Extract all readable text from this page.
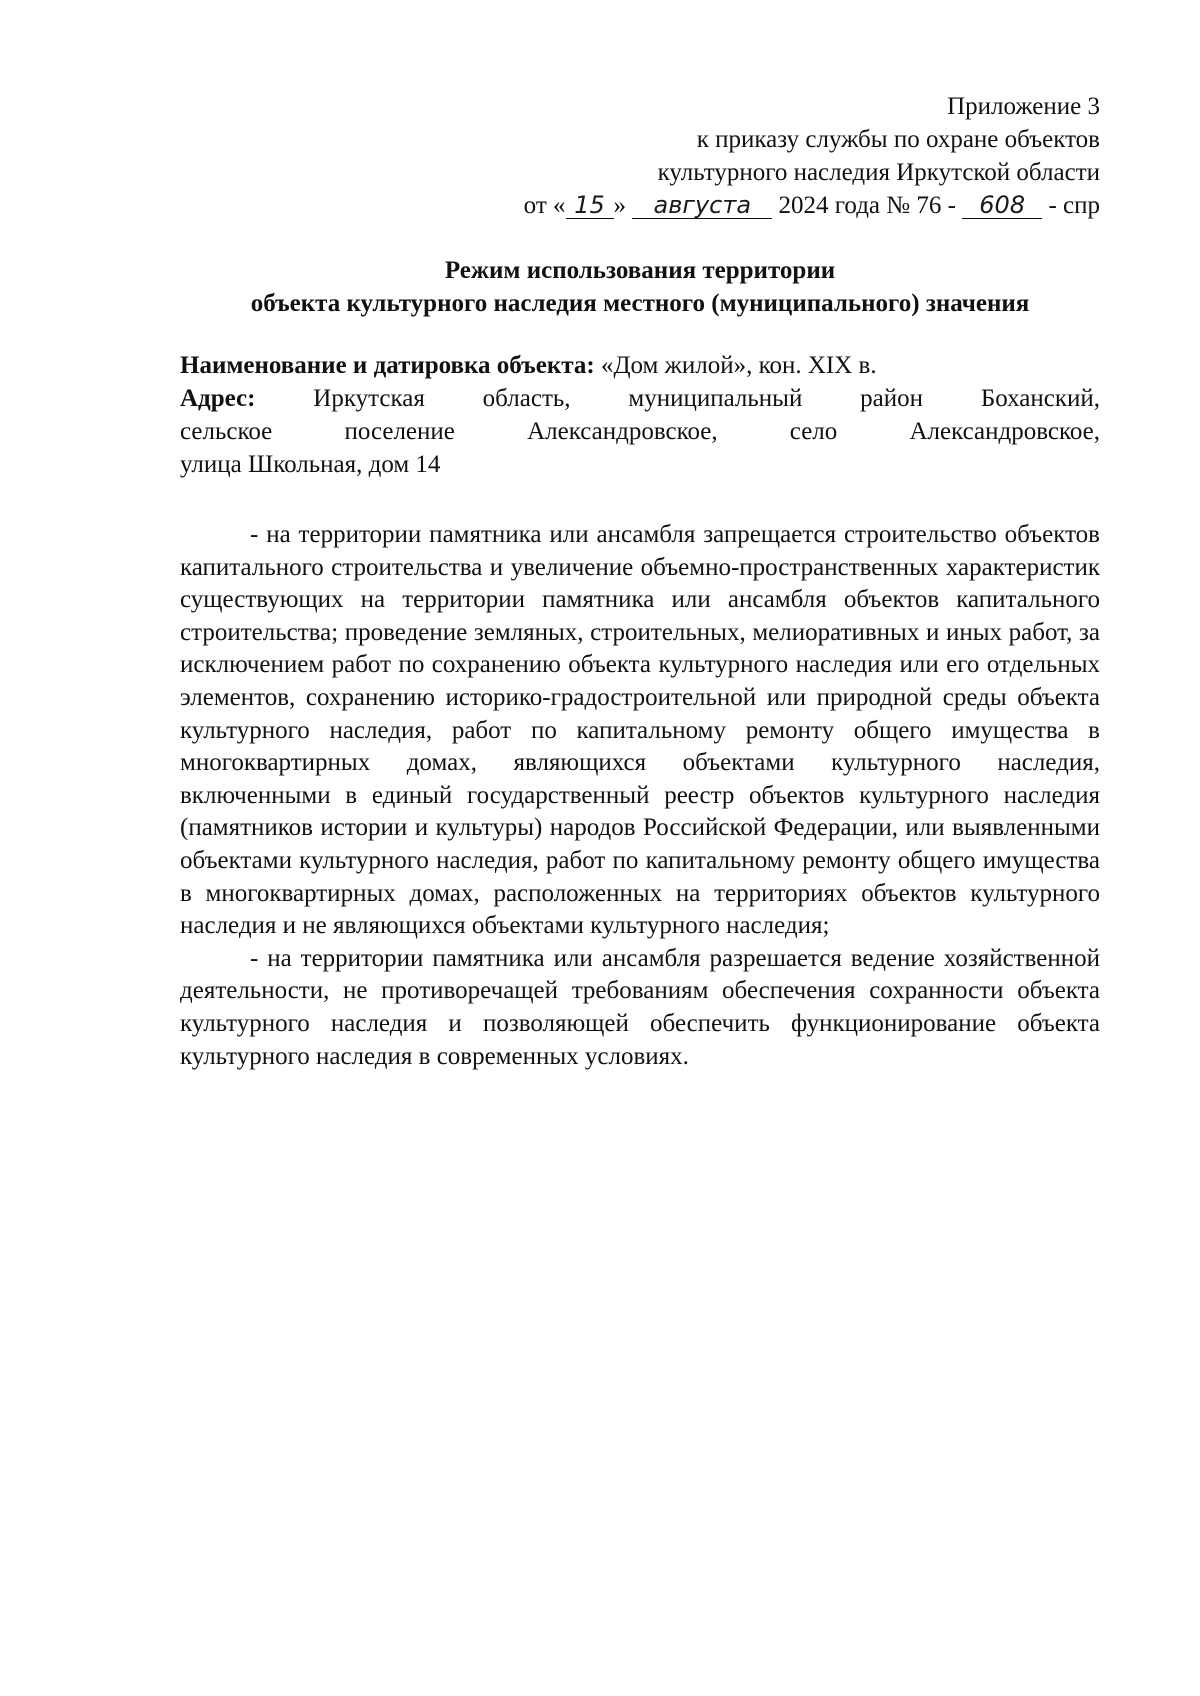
Приложение 3
к приказу службы по охране объектов
культурного наследия Иркутской области
от « 15 » августа 2024 года № 76 - 608 - спр
Режим использования территории
объекта культурного наследия местного (муниципального) значения

Наименование и датировка объекта: «Дом жилой», кон. XIX в.

Адрес: Иркутская область, муниципальный район Боханский,
сельское поселение Александровское, село Александровское,
улица Школьная, дом 14

- на территории памятника или ансамбля запрещается строительство объектов капитального строительства и увеличение объемно-пространственных характеристик существующих на территории памятника или ансамбля объектов капитального строительства; проведение земляных, строительных, мелиоративных и иных работ, за исключением работ по сохранению объекта культурного наследия или его отдельных элементов, сохранению историко-градостроительной или природной среды объекта культурного наследия, работ по капитальному ремонту общего имущества в многоквартирных домах, являющихся объектами культурного наследия, включенными в единый государственный реестр объектов культурного наследия (памятников истории и культуры) народов Российской Федерации, или выявленными объектами культурного наследия, работ по капитальному ремонту общего имущества в многоквартирных домах, расположенных на территориях объектов культурного наследия и не являющихся объектами культурного наследия;

- на территории памятника или ансамбля разрешается ведение хозяйственной деятельности, не противоречащей требованиям обеспечения сохранности объекта культурного наследия и позволяющей обеспечить функционирование объекта культурного наследия в современных условиях.
